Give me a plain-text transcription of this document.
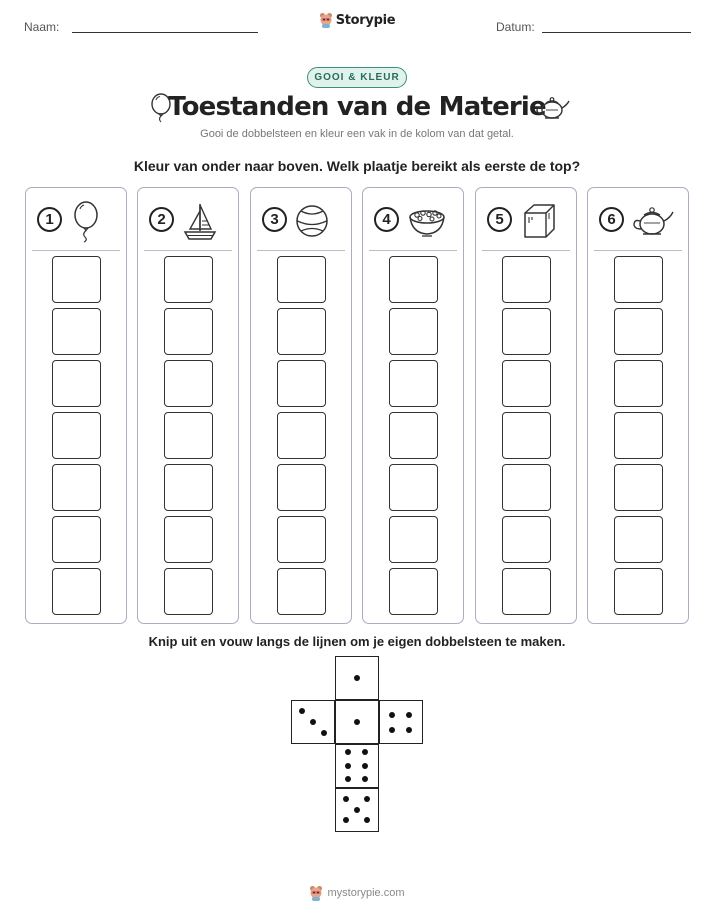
Naam:	Storypie	Datum:
GOOI & KLEUR
Toestanden van de Materie
Gooi de dobbelsteen en kleur een vak in de kolom van dat getal.
Kleur van onder naar boven. Welk plaatje bereikt als eerste de top?
1	2	3	4	5	6
Knip uit en vouw langs de lijnen om je eigen dobbelsteen te maken.
mystorypie.com
